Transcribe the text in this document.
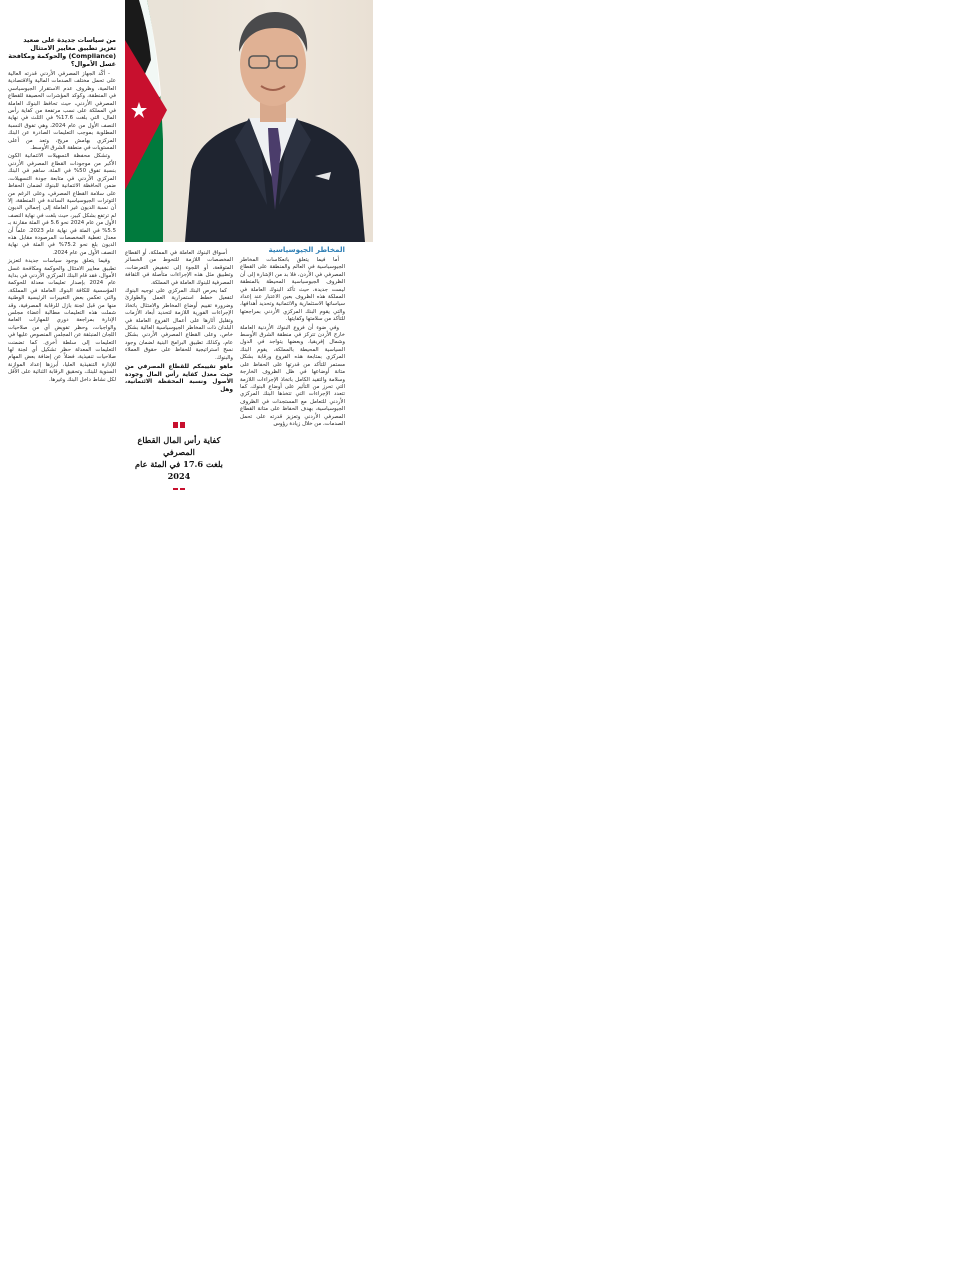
المخاطر الجيوسياسية

أما فيما يتعلق بانعكاسات المخاطر الجيوسياسية في العالم والمنطقة على القطاع المصرفي في الأردن، فلا بد من الإشارة إلى أن الظروف الجيوسياسية المحيطة بالمنطقة ليست جديدة، حيث تأكد البنوك العاملة في المملكة هذه الظروف بعين الاعتبار عند إعداد سياساتها الاستثمارية والائتمانية وتحديد أهدافها، والتي يقوم البنك المركزي الأردني بمراجعتها للتأكد من سلامتها وكفايتها.

وفي ضوء أن فروع البنوك الأردنية العاملة خارج الأردن تتركز في منطقة الشرق الأوسط وشمال إفريقيا، وبعضها يتواجد في الدول السياسية المحيطة بالمملكة، يقوم البنك المركزي بمتابعة هذه الفروع ورقابة بشكل مستمر للتأكد من قدرتها على الحفاظ على متانة أوضاعها في ظل الظروف الخارجة وسلامة والتقيد الكامل باتخاذ الإجراءات اللازمة التي تحرز من التأثير على أوضاع البنوك، كما تتعدد الإجراءات التي تتخذها البنك المركزي الأردني للتعامل مع المستجدات في الظروف الجيوسياسية، بهدف الحفاظ على متانة القطاع المصرفي الأردني وتعزيز قدرته على تحمل الصدمات، من خلال زيادة رؤوس

أسواق البنوك العاملة في المملكة، أو القطاع المخصصات اللازمة للتحوط من الخسائر المتوقعة، أو اللجوء إلى تخفيض التعرضات، وتطبيق مثل هذه الإجراءات متأصلة في الثقافة المصرفية للبنوك العاملة في المملكة.

كما يحرص البنك المركزي على توجيه البنوك لتفعيل خطط استمرارية العمل والطوارئ وضرورة تقييم أوضاع المخاطر والامتثال باتخاذ الإجراءات الفورية اللازمة لتحديد أبعاد الأزمات وتقليل آثارها على أعمال الفروع العاملة في البلدان ذات المخاطر الجيوسياسية العالية بشكل خاص، وعلى القطاع المصرفي الأردني بشكل عام، وكذلك تطبيق البرامج البنية لضمان وجود نسخ استراتيجية للحفاظ على حقوق العملاء والبنوك.

ماهو تقييمكم للقطاع المصرفي من حيث معدل كفاية رأس المال وجودة الأصول ونسبة المحفظة الائتمانية، وهل
كفاية رأس المال القطاع المصرفي
بلغت 17.6 في المئة عام 2024
من سياسات جديدة على صعيد تعزيز تطبيق معايير الامتثال (Compliance) والحوكمة ومكافحة غسل الأموال؟

- أكّد الجهاز المصرفي الأردني قدرته العالية على تحمل مختلف الصدمات المالية والاقتصادية العالمية، وظروف عدم الاستقرار الجيوسياسي في المنطقة، وكوكد المؤشرات الحصيفة للقطاع المصرفي الأردني، حيث تحافظ البنوك العاملة في المملكة على نسب مرتفعة من كفاية رأس المال، التي بلغت 17.6% في الثلث في نهاية النصف الأول من عام 2024، وهي تفوق النسبة المطلوبة بموجب التعليمات الصادرة عن البنك المركزي بهامش مريح، وتعد من أعلى المستويات في منطقة الشرق الأوسط.

وتشكل محفظة التسهيلات الائتمانية الكون الأكبر من موجودات القطاع المصرفي الأردني بنسبة تفوق 50% في المئة، ساهم في البنك المركزي الأردني في متابعة جودة التسهيلات، ضمن الحافظة الائتمانية للبنوك لضمان الحفاظ على سلامة القطاع المصرفي، وعلى الرغم من التوترات الجيوسياسية السائدة في المنطقة، إلا أن نسبة الديون غير العاملة إلى إجمالي الديون لم ترتفع بشكل كبير، حيث بلغت في نهاية النصف الأول من عام 2024 نحو 5.6 في المئة مقارنة بـ 5.5% في المئة في نهاية عام 2023. علماً أن معدل تغطية المخصصات المرصودة مقابل هذه الديون بلغ نحو 75.2% في المئة في نهاية النصف الأول من عام 2024.

وفيما يتعلق بوجود سياسات جديدة لتعزيز تطبيق معايير الامتثال والحوكمة ومكافحة غسل الأموال، فقد قام البنك المركزي الأردني في بداية عام 2024 بإصدار تعليمات معدلة للحوكمة المؤسسية للكافة البنوك العاملة في المملكة، والتي تعكس بعض التغييرات الرئيسية الوطنية منها من قبل لجنة بازل للرقابة المصرفية، وقد شملت هذه التعليمات مطالبة أعضاء مجلس الإدارة بمراجعة دوري للمهارات العامة والواجبات، وحظر تفويض أي من صلاحيات اللجان المنبثقة عن المجلس المنصوص عليها في التعليمات إلى سلطة أخرى. كما تضمنت التعليمات المعدلة حظر تشكيل أي لجنة لها صلاحيات تنفيذية، فضلاً عن إضافة بعض المهام للإدارة التنفيذية العليا، أبرزها إعداد الموازنة السنوية للبنك، وتحقيق الرقابة الثنائية على الأقل لكل نشاط داخل البنك وغيرها.
